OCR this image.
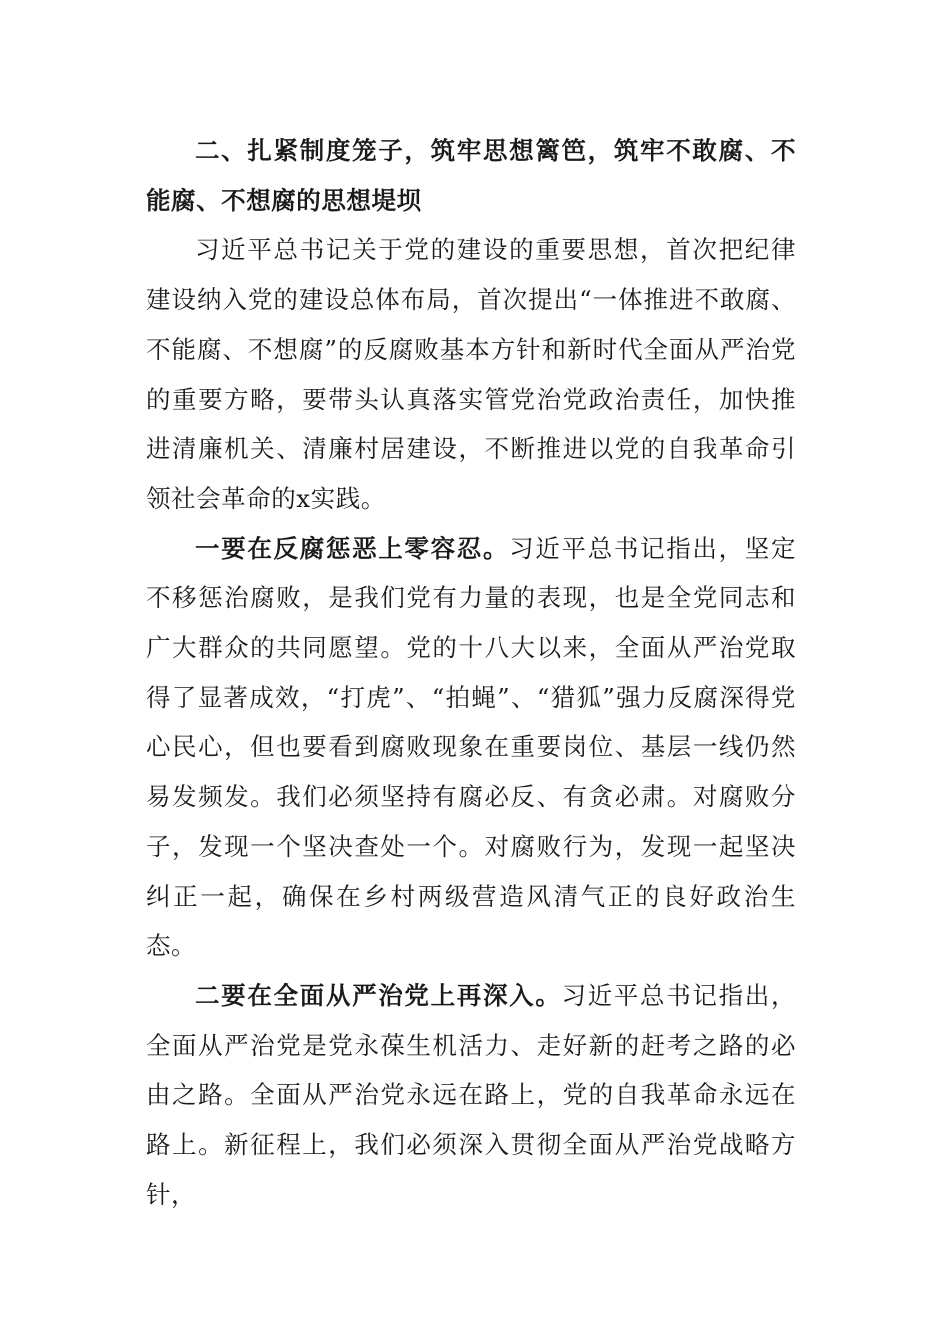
二、扎紧制度笼子，筑牢思想篱笆，筑牢不敢腐、不能腐、不想腐的思想堤坝

习近平总书记关于党的建设的重要思想，首次把纪律建设纳入党的建设总体布局，首次提出“一体推进不敢腐、不能腐、不想腐”的反腐败基本方针和新时代全面从严治党的重要方略，要带头认真落实管党治党政治责任，加快推进清廉机关、清廉村居建设，不断推进以党的自我革命引领社会革命的x实践。

一要在反腐惩恶上零容忍。习近平总书记指出，坚定不移惩治腐败，是我们党有力量的表现，也是全党同志和广大群众的共同愿望。党的十八大以来，全面从严治党取得了显著成效，“打虎”、“拍蝇”、“猎狐”强力反腐深得党心民心，但也要看到腐败现象在重要岗位、基层一线仍然易发频发。我们必须坚持有腐必反、有贪必肃。对腐败分子，发现一个坚决查处一个。对腐败行为，发现一起坚决纠正一起，确保在乡村两级营造风清气正的良好政治生态。

二要在全面从严治党上再深入。习近平总书记指出，全面从严治党是党永葆生机活力、走好新的赶考之路的必由之路。全面从严治党永远在路上，党的自我革命永远在路上。新征程上，我们必须深入贯彻全面从严治党战略方针，
